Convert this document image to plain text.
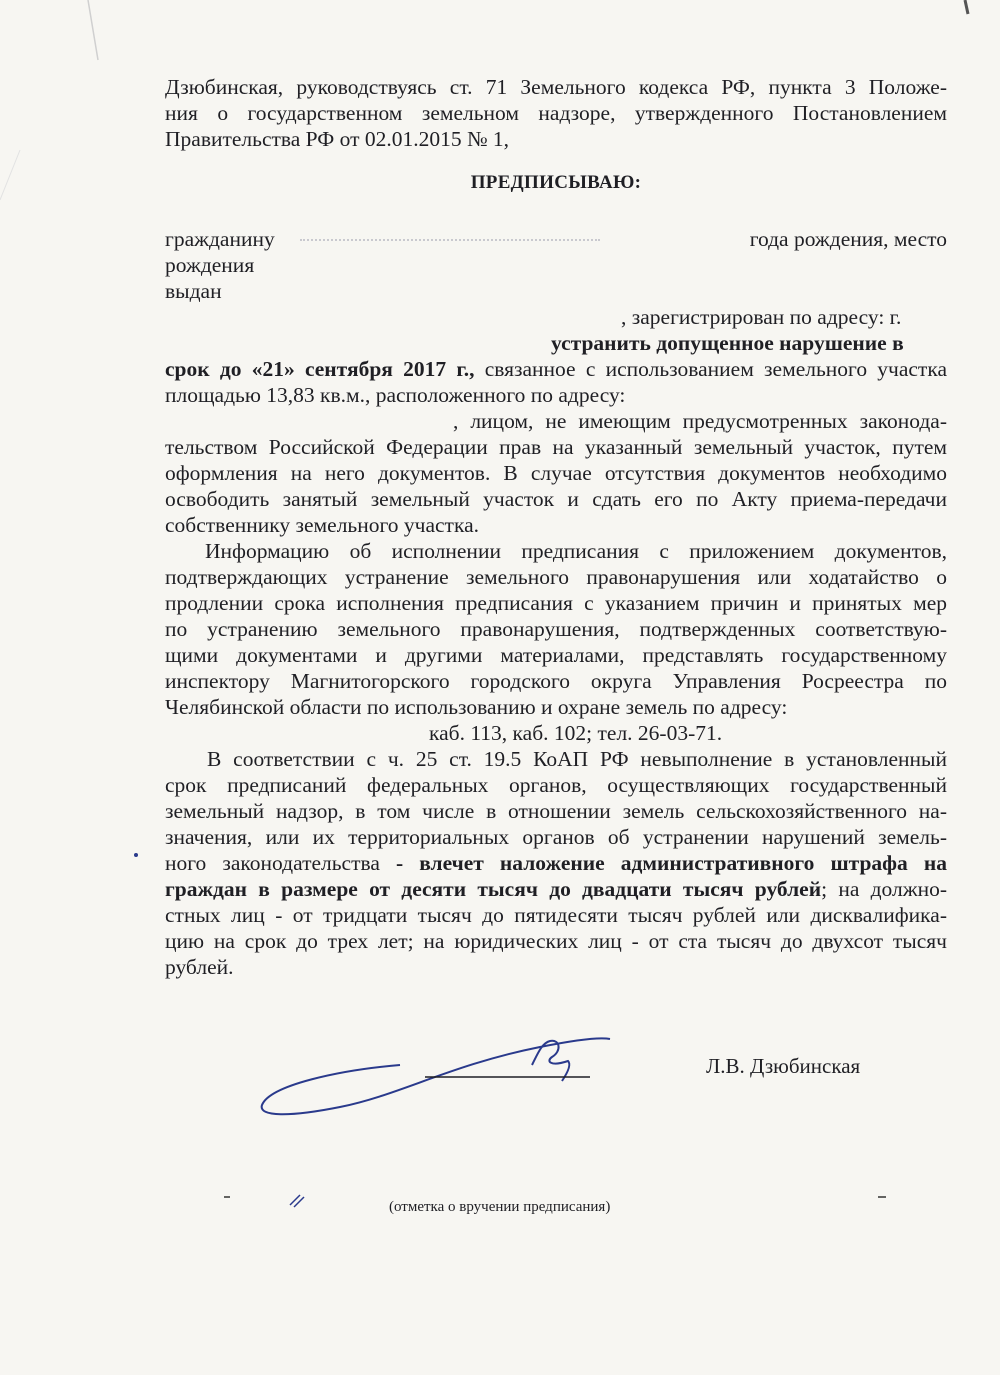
Дзюбинская, руководствуясь ст. 71 Земельного кодекса РФ, пункта 3 Положе-
ния о государственном земельном надзоре, утвержденного Постановлением
Правительства РФ от 02.01.2015 № 1,
ПРЕДПИСЫВАЮ:
гражданину	года рождения, место
рождения
выдан
, зарегистрирован по адресу: г.
устранить допущенное нарушение в
срок до «21» сентября 2017 г., связанное с использованием земельного участка
площадью 13,83 кв.м., расположенного по адресу:
, лицом, не имеющим предусмотренных законода-
тельством Российской Федерации прав на указанный земельный участок, путем
оформления на него документов. В случае отсутствия документов необходимо
освободить занятый земельный участок и сдать его по Акту приема-передачи
собственнику земельного участка.
Информацию об исполнении предписания с приложением документов,
подтверждающих устранение земельного правонарушения или ходатайство о
продлении срока исполнения предписания с указанием причин и принятых мер
по устранению земельного правонарушения, подтвержденных соответствую-
щими документами и другими материалами, представлять государственному
инспектору Магнитогорского городского округа Управления Росреестра по
Челябинской области по использованию и охране земель по адресу:
каб. 113, каб. 102; тел. 26-03-71.
В соответствии с ч. 25 ст. 19.5 КоАП РФ невыполнение в установленный
срок предписаний федеральных органов, осуществляющих государственный
земельный надзор, в том числе в отношении земель сельскохозяйственного на-
значения, или их территориальных органов об устранении нарушений земель-
ного законодательства - влечет наложение административного штрафа на
граждан в размере от десяти тысяч до двадцати тысяч рублей; на должно-
стных лиц - от тридцати тысяч до пятидесяти тысяч рублей или дисквалифика-
цию на срок до трех лет; на юридических лиц - от ста тысяч до двухсот тысяч
рублей.
Л.В. Дзюбинская
(отметка о вручении предписания)
